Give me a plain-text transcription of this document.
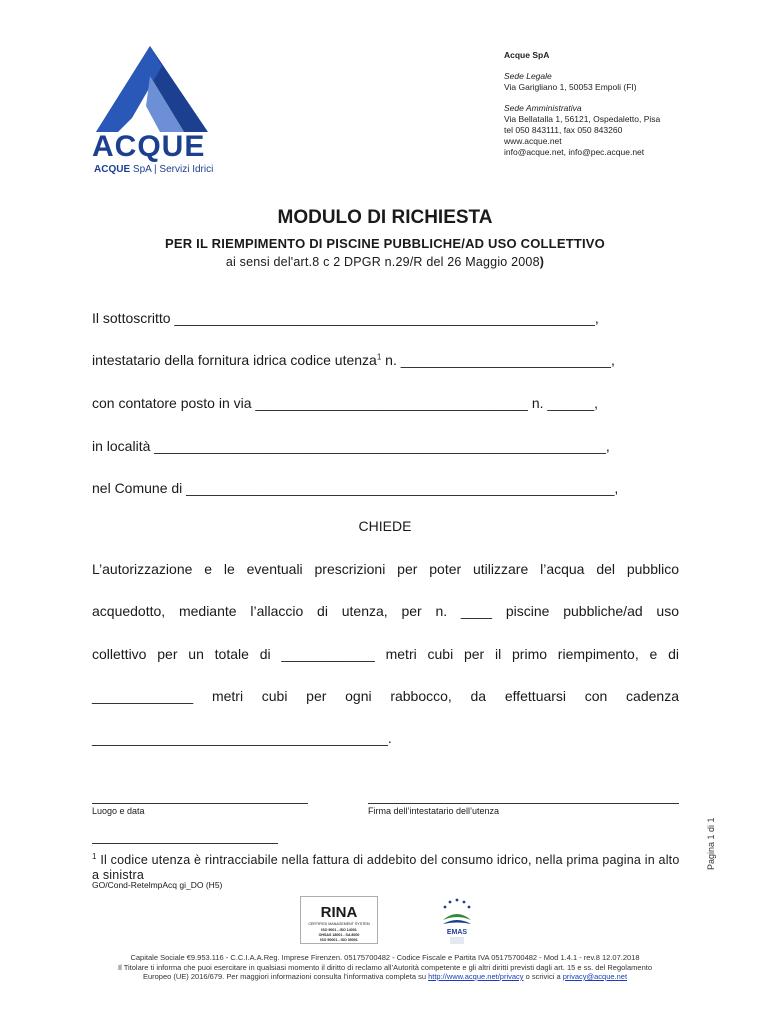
ACQUE
ACQUE SpA | Servizi Idrici
Acque SpA
Sede Legale
Via Garigliano 1, 50053 Empoli (FI)
Sede Amministrativa
Via Bellatalla 1, 56121, Ospedaletto, Pisa
tel 050 843111, fax 050 843260
www.acque.net
info@acque.net, info@pec.acque.net
MODULO DI RICHIESTA
PER IL RIEMPIMENTO DI PISCINE PUBBLICHE/AD USO COLLETTIVO
ai sensi del'art.8 c 2 DPGR n.29/R del 26 Maggio 2008)
Il sottoscritto ______________________________________________________,
intestatario della fornitura idrica codice utenza$^1$ n. ___________________________,
con contatore posto in via ___________________________________ n. ______,
in località __________________________________________________________,
nel Comune di _______________________________________________________,
CHIEDE
L’autorizzazione e le eventuali prescrizioni per poter utilizzare l’acqua del pubblico
acquedotto, mediante l’allaccio di utenza, per n. ____ piscine pubbliche/ad uso
collettivo per un totale di ____________ metri cubi per il primo riempimento, e di
_____________ metri cubi per ogni rabbocco, da effettuarsi con cadenza
______________________________________.
Luogo e data	Firma dell’intestatario dell’utenza
$^1$ Il codice utenza è rintracciabile nella fattura di addebito del consumo idrico, nella prima pagina in alto a sinistra
GO/Cond-RetelmpAcq gi_DO (H5)
Pagina 1 di 1
RINA
CERTIFIED MANAGEMENT SYSTEM
ISO 9001 - ISO 14001
OHSAS 18001 - SA 8000
ISO 50001 - ISO 39001
EMAS
Capitale Sociale €9.953.116 - C.C.I.A.A.Reg. Imprese Firenzen. 05175700482 - Codice Fiscale e Partita IVA 05175700482 - Mod 1.4.1 - rev.8 12.07.2018
Il Titolare ti informa che puoi esercitare in qualsiasi momento il diritto di reclamo all’Autorità competente e gli altri diritti previsti dagli art. 15 e ss. del Regolamento
Europeo (UE) 2016/679. Per maggiori informazioni consulta l’informativa completa su http://www.acque.net/privacy o scrivici a privacy@acque.net
